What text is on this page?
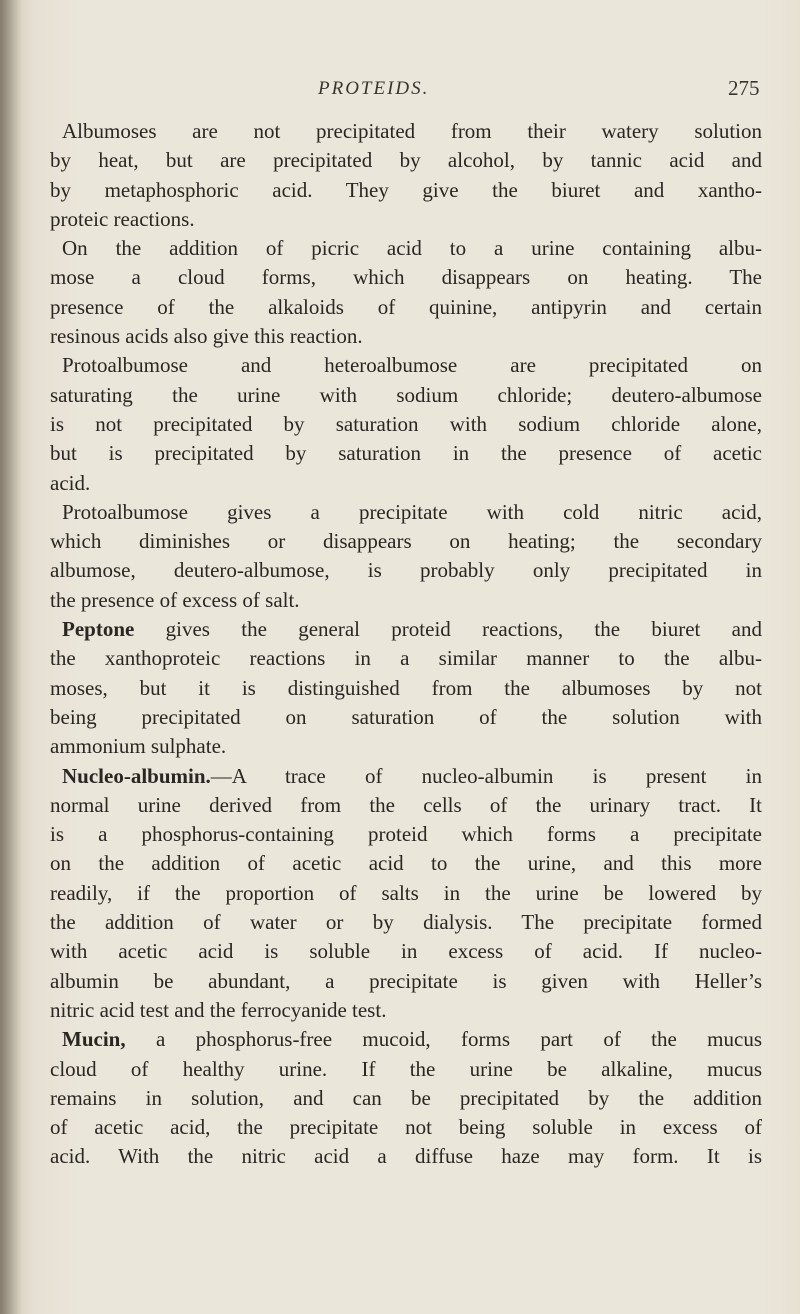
PROTEIDS.	275
Albumoses are not precipitated from their watery solution
by heat, but are precipitated by alcohol, by tannic acid and
by metaphosphoric acid. They give the biuret and xantho-
proteic reactions.
On the addition of picric acid to a urine containing albu-
mose a cloud forms, which disappears on heating. The
presence of the alkaloids of quinine, antipyrin and certain
resinous acids also give this reaction.
Protoalbumose and heteroalbumose are precipitated on
saturating the urine with sodium chloride; deutero-albumose
is not precipitated by saturation with sodium chloride alone,
but is precipitated by saturation in the presence of acetic
acid.
Protoalbumose gives a precipitate with cold nitric acid,
which diminishes or disappears on heating; the secondary
albumose, deutero-albumose, is probably only precipitated in
the presence of excess of salt.
Peptone gives the general proteid reactions, the biuret and
the xanthoproteic reactions in a similar manner to the albu-
moses, but it is distinguished from the albumoses by not
being precipitated on saturation of the solution with
ammonium sulphate.
Nucleo-albumin.—A trace of nucleo-albumin is present in
normal urine derived from the cells of the urinary tract. It
is a phosphorus-containing proteid which forms a precipitate
on the addition of acetic acid to the urine, and this more
readily, if the proportion of salts in the urine be lowered by
the addition of water or by dialysis. The precipitate formed
with acetic acid is soluble in excess of acid. If nucleo-
albumin be abundant, a precipitate is given with Heller’s
nitric acid test and the ferrocyanide test.
Mucin, a phosphorus-free mucoid, forms part of the mucus
cloud of healthy urine. If the urine be alkaline, mucus
remains in solution, and can be precipitated by the addition
of acetic acid, the precipitate not being soluble in excess of
acid. With the nitric acid a diffuse haze may form. It is
